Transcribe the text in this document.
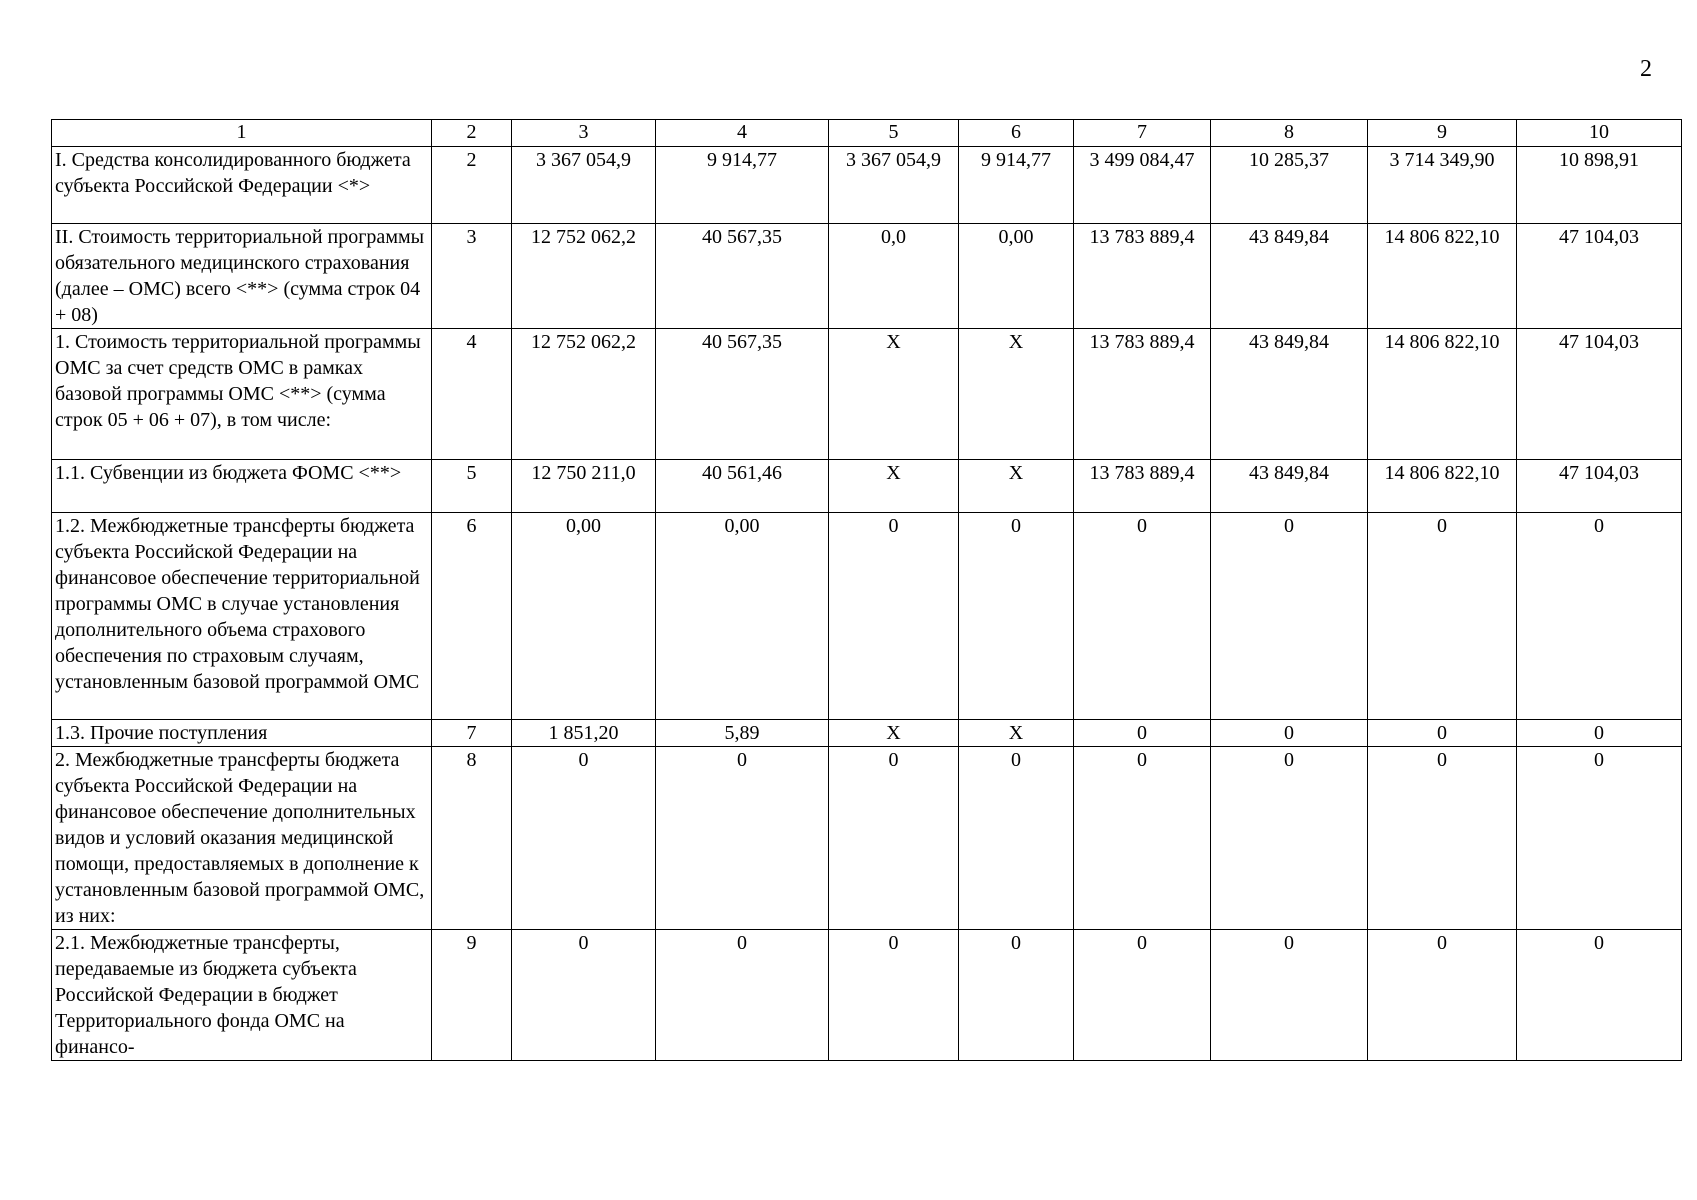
2
1	2	3	4	5	6	7	8	9	10
I. Средства консолидированного бюджета субъекта Российской Федерации <*>	2	3 367 054,9	9 914,77	3 367 054,9	9 914,77	3 499 084,47	10 285,37	3 714 349,90	10 898,91
II. Стоимость территориальной программы обязательного медицинского страхования (далее – ОМС) всего <**> (сумма строк 04 + 08)	3	12 752 062,2	40 567,35	0,0	0,00	13 783 889,4	43 849,84	14 806 822,10	47 104,03
1. Стоимость территориальной программы ОМС за счет средств ОМС в рамках базовой программы ОМС <**> (сумма строк 05 + 06 + 07), в том числе:	4	12 752 062,2	40 567,35	X	X	13 783 889,4	43 849,84	14 806 822,10	47 104,03
1.1. Субвенции из бюджета ФОМС <**>	5	12 750 211,0	40 561,46	X	X	13 783 889,4	43 849,84	14 806 822,10	47 104,03
1.2. Межбюджетные трансферты бюджета субъекта Российской Федерации на финансовое обеспечение территориальной программы ОМС в случае установления дополнительного объема страхового обеспечения по страховым случаям, установленным базовой программой ОМС	6	0,00	0,00	0	0	0	0	0	0
1.3. Прочие поступления	7	1 851,20	5,89	X	X	0	0	0	0
2. Межбюджетные трансферты бюджета субъекта Российской Федерации на финансовое обеспечение дополнительных видов и условий оказания медицинской помощи, предоставляемых в дополнение к установленным базовой программой ОМС, из них:	8	0	0	0	0	0	0	0	0
2.1. Межбюджетные трансферты, передаваемые из бюджета субъекта Российской Федерации в бюджет Территориального фонда ОМС на финансо-	9	0	0	0	0	0	0	0	0
